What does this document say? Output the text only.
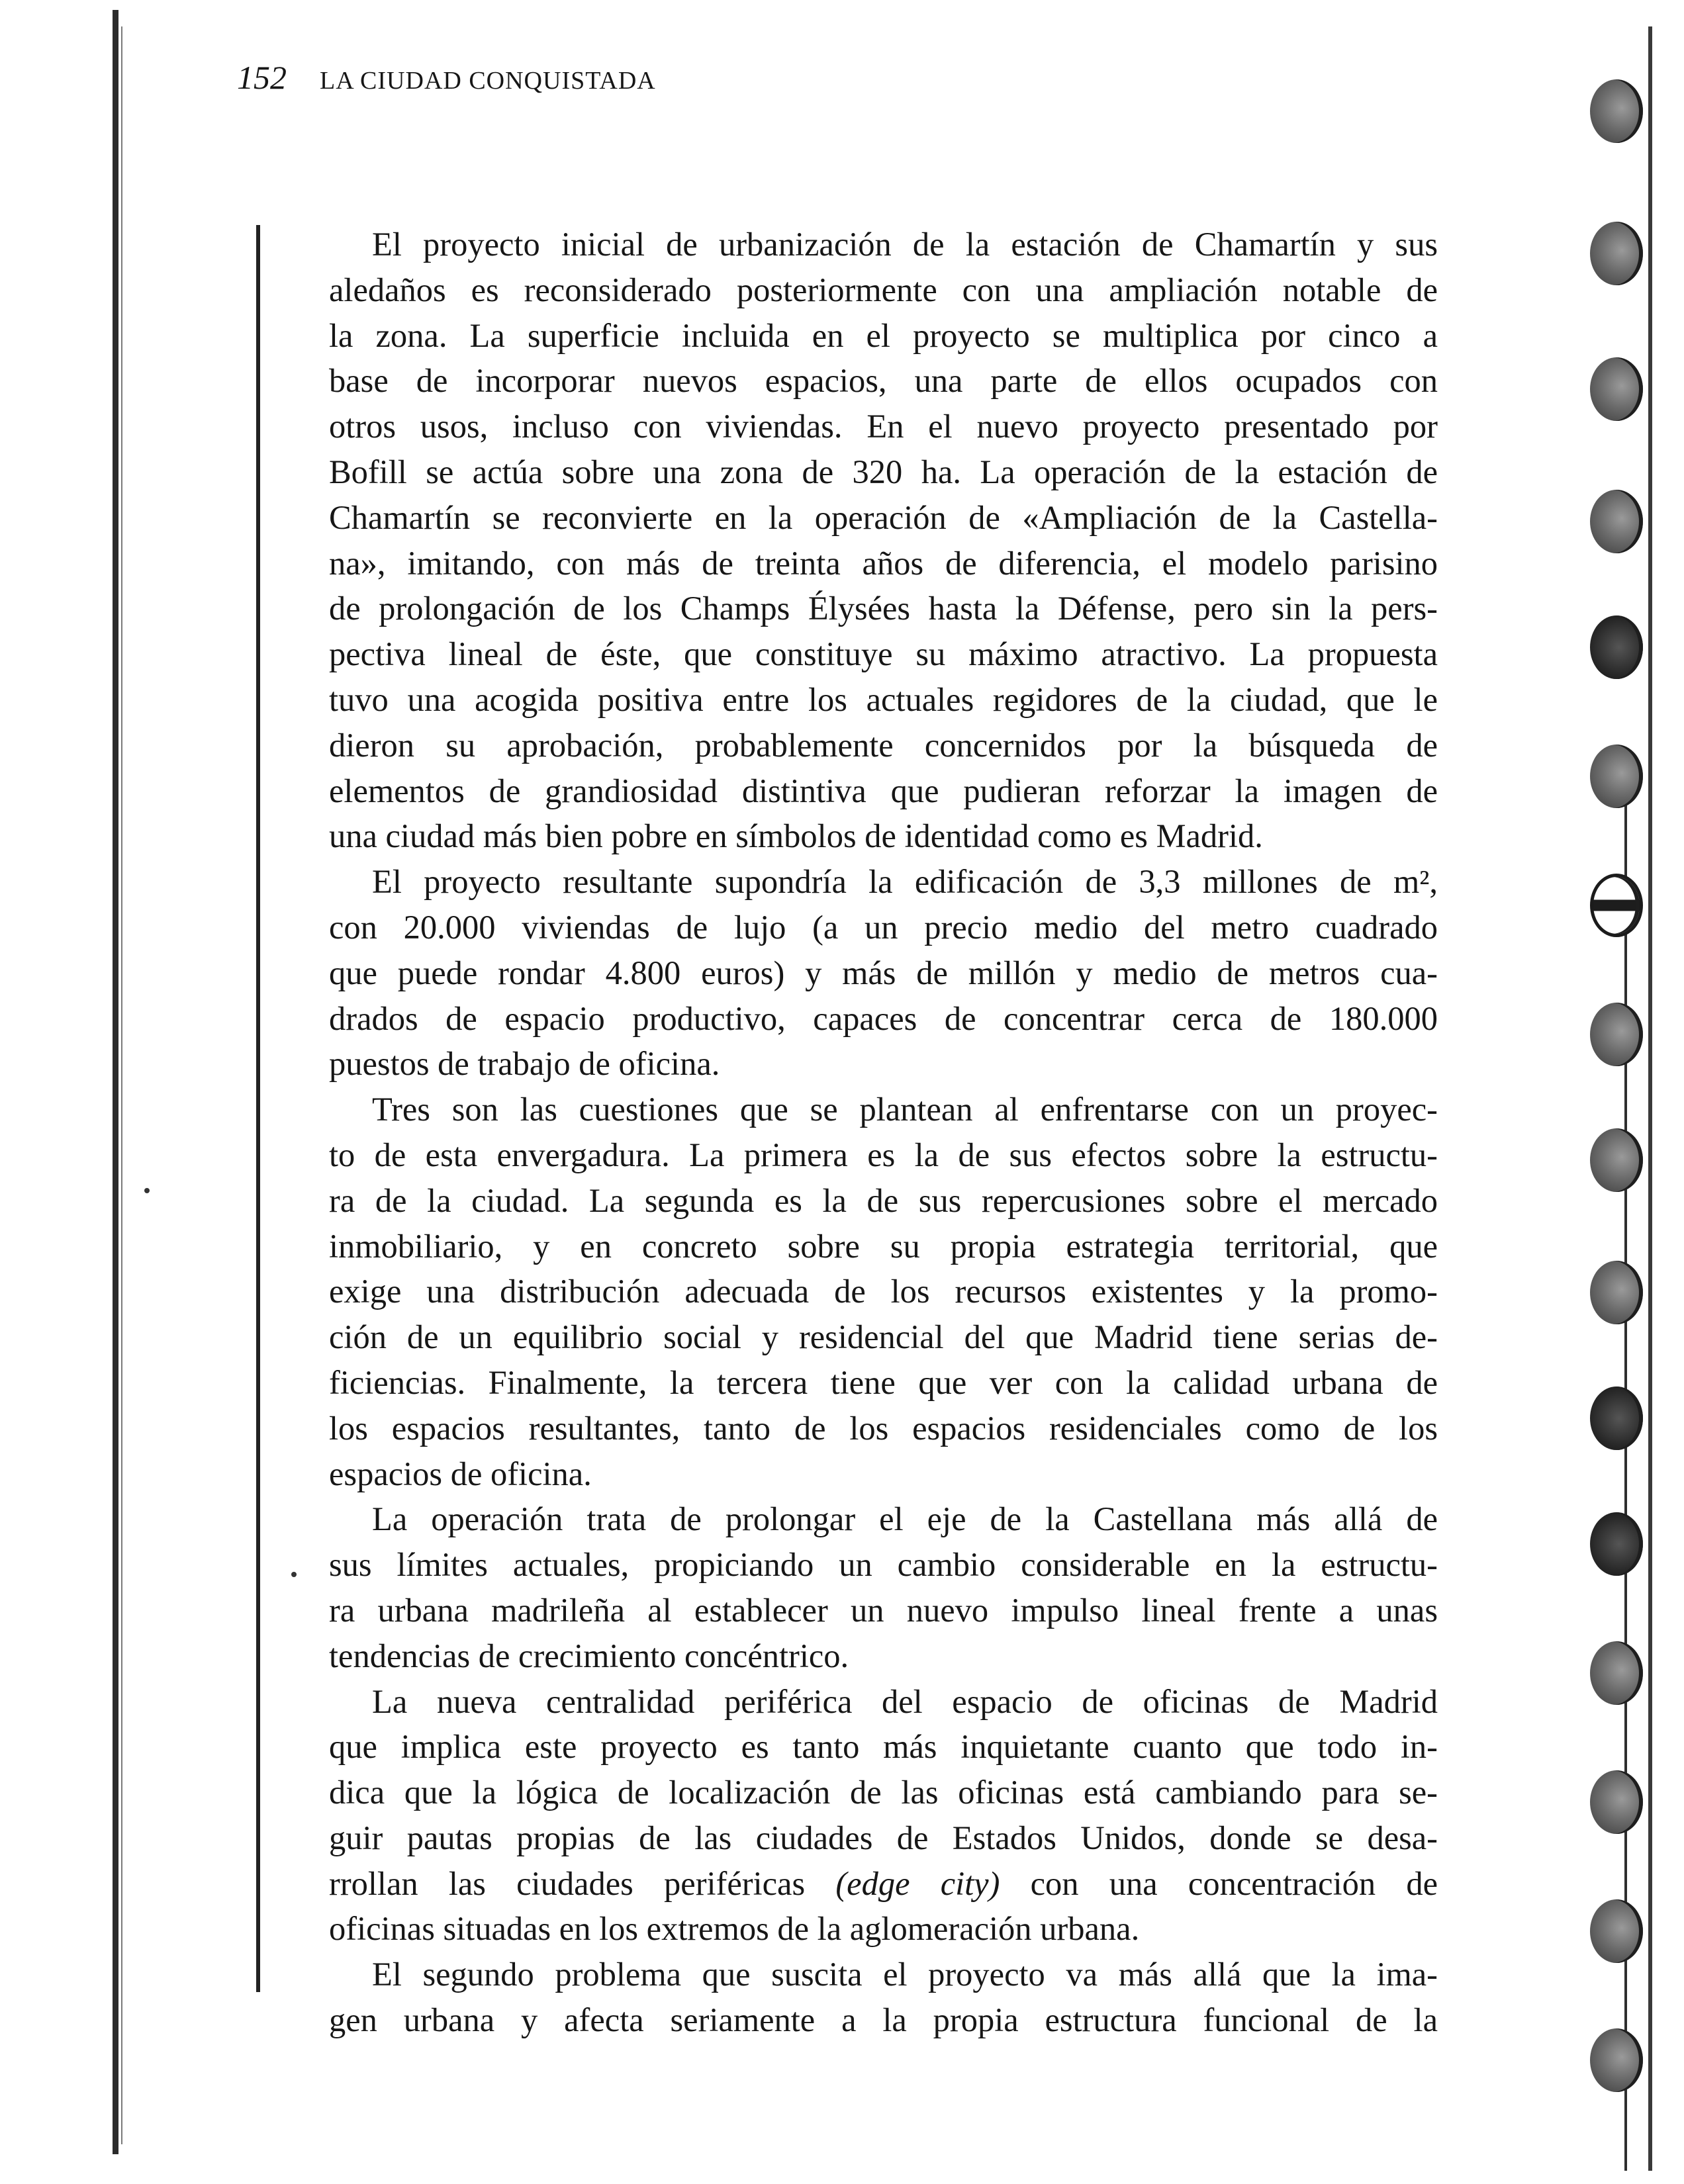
152 LA CIUDAD CONQUISTADA

El proyecto inicial de urbanización de la estación de Chamartín y sus
aledaños es reconsiderado posteriormente con una ampliación notable de
la zona. La superficie incluida en el proyecto se multiplica por cinco a
base de incorporar nuevos espacios, una parte de ellos ocupados con
otros usos, incluso con viviendas. En el nuevo proyecto presentado por
Bofill se actúa sobre una zona de 320 ha. La operación de la estación de
Chamartín se reconvierte en la operación de «Ampliación de la Castella-
na», imitando, con más de treinta años de diferencia, el modelo parisino
de prolongación de los Champs Élysées hasta la Défense, pero sin la pers-
pectiva lineal de éste, que constituye su máximo atractivo. La propuesta
tuvo una acogida positiva entre los actuales regidores de la ciudad, que le
dieron su aprobación, probablemente concernidos por la búsqueda de
elementos de grandiosidad distintiva que pudieran reforzar la imagen de
una ciudad más bien pobre en símbolos de identidad como es Madrid.

El proyecto resultante supondría la edificación de 3,3 millones de m²,
con 20.000 viviendas de lujo (a un precio medio del metro cuadrado
que puede rondar 4.800 euros) y más de millón y medio de metros cua-
drados de espacio productivo, capaces de concentrar cerca de 180.000
puestos de trabajo de oficina.

Tres son las cuestiones que se plantean al enfrentarse con un proyec-
to de esta envergadura. La primera es la de sus efectos sobre la estructu-
ra de la ciudad. La segunda es la de sus repercusiones sobre el mercado
inmobiliario, y en concreto sobre su propia estrategia territorial, que
exige una distribución adecuada de los recursos existentes y la promo-
ción de un equilibrio social y residencial del que Madrid tiene serias de-
ficiencias. Finalmente, la tercera tiene que ver con la calidad urbana de
los espacios resultantes, tanto de los espacios residenciales como de los
espacios de oficina.

La operación trata de prolongar el eje de la Castellana más allá de
sus límites actuales, propiciando un cambio considerable en la estructu-
ra urbana madrileña al establecer un nuevo impulso lineal frente a unas
tendencias de crecimiento concéntrico.

La nueva centralidad periférica del espacio de oficinas de Madrid
que implica este proyecto es tanto más inquietante cuanto que todo in-
dica que la lógica de localización de las oficinas está cambiando para se-
guir pautas propias de las ciudades de Estados Unidos, donde se desa-
rrollan las ciudades periféricas (edge city) con una concentración de
oficinas situadas en los extremos de la aglomeración urbana.

El segundo problema que suscita el proyecto va más allá que la ima-
gen urbana y afecta seriamente a la propia estructura funcional de la
